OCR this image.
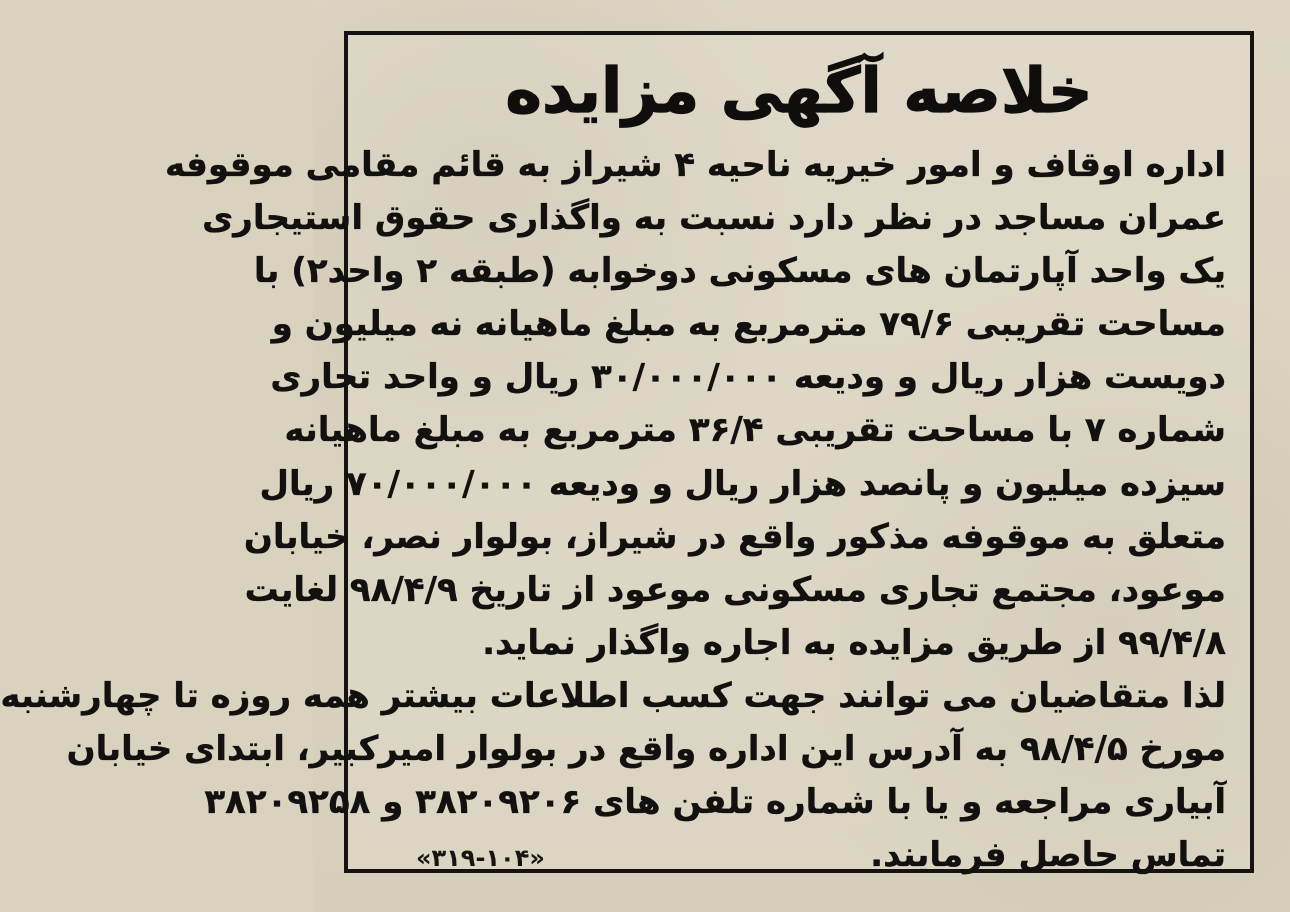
خلاصه آگهی مزایده
اداره اوقاف و امور خیریه ناحیه ۴ شیراز به قائم مقامی موقوفه
عمران مساجد در نظر دارد نسبت به واگذاری حقوق استیجاری
یک واحد آپارتمان های مسکونی دوخوابه (طبقه ۲ واحد۲) با
مساحت تقریبی ۷۹/۶ مترمربع به مبلغ ماهیانه نه میلیون و
دویست هزار ریال و ودیعه ۳۰/۰۰۰/۰۰۰ ریال و واحد تجاری
شماره ۷ با مساحت تقریبی ۳۶/۴ مترمربع به مبلغ ماهیانه
سیزده میلیون و پانصد هزار ریال و ودیعه ۷۰/۰۰۰/۰۰۰ ریال
متعلق به موقوفه مذکور واقع در شیراز، بولوار نصر، خیابان
موعود، مجتمع تجاری مسکونی موعود از تاریخ ۹۸/۴/۹ لغایت
۹۹/۴/۸ از طریق مزایده به اجاره واگذار نماید.
لذا متقاضیان می توانند جهت کسب اطلاعات بیشتر همه روزه تا چهارشنبه
مورخ ۹۸/۴/۵ به آدرس این اداره واقع در بولوار امیرکبیر، ابتدای خیابان
آبیاری مراجعه و یا با شماره تلفن های ۳۸۲۰۹۲۰۶ و ۳۸۲۰۹۲۵۸
تماس حاصل فرمایند.
«۳۱۹-۱۰۴»
